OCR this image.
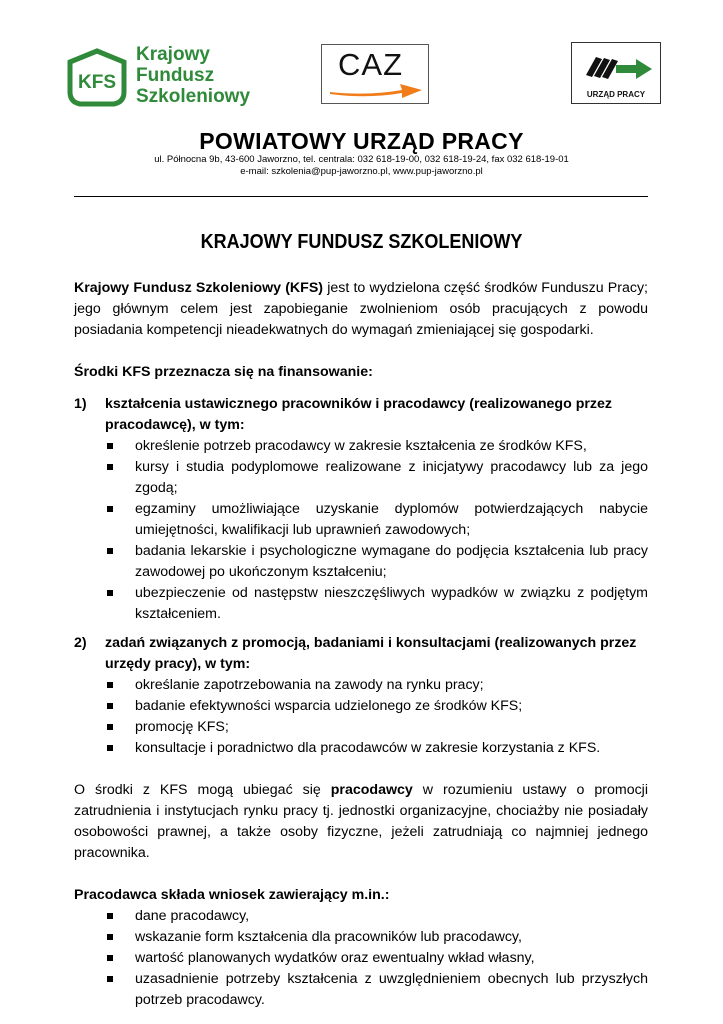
KFS
Krajowy
Fundusz
Szkoleniowy
CAZ
URZĄD PRACY
POWIATOWY URZĄD PRACY
ul. Północna 9b, 43-600 Jaworzno, tel. centrala: 032 618-19-00, 032 618-19-24, fax 032 618-19-01
e-mail: szkolenia@pup-jaworzno.pl, www.pup-jaworzno.pl
KRAJOWY FUNDUSZ SZKOLENIOWY

Krajowy Fundusz Szkoleniowy (KFS) jest to wydzielona część środków Funduszu Pracy; jego głównym celem jest zapobieganie zwolnieniom osób pracujących z powodu posiadania kompetencji nieadekwatnych do wymagań zmieniającej się gospodarki.

Środki KFS przeznacza się na finansowanie:

1) kształcenia ustawicznego pracowników i pracodawcy (realizowanego przez pracodawcę), w tym:
określenie potrzeb pracodawcy w zakresie kształcenia ze środków KFS,
kursy i studia podyplomowe realizowane z inicjatywy pracodawcy lub za jego zgodą;
egzaminy umożliwiające uzyskanie dyplomów potwierdzających nabycie umiejętności, kwalifikacji lub uprawnień zawodowych;
badania lekarskie i psychologiczne wymagane do podjęcia kształcenia lub pracy zawodowej po ukończonym kształceniu;
ubezpieczenie od następstw nieszczęśliwych wypadków w związku z podjętym kształceniem.
2) zadań związanych z promocją, badaniami i konsultacjami (realizowanych przez urzędy pracy), w tym:
określanie zapotrzebowania na zawody na rynku pracy;
badanie efektywności wsparcia udzielonego ze środków KFS;
promocję KFS;
konsultacje i poradnictwo dla pracodawców w zakresie korzystania z KFS.

O środki z KFS mogą ubiegać się pracodawcy w rozumieniu ustawy o promocji zatrudnienia i instytucjach rynku pracy tj. jednostki organizacyjne, chociażby nie posiadały osobowości prawnej, a także osoby fizyczne, jeżeli zatrudniają co najmniej jednego pracownika.

Pracodawca składa wniosek zawierający m.in.:

dane pracodawcy,
wskazanie form kształcenia dla pracowników lub pracodawcy,
wartość planowanych wydatków oraz ewentualny wkład własny,
uzasadnienie potrzeby kształcenia z uwzględnieniem obecnych lub przyszłych potrzeb pracodawcy.
